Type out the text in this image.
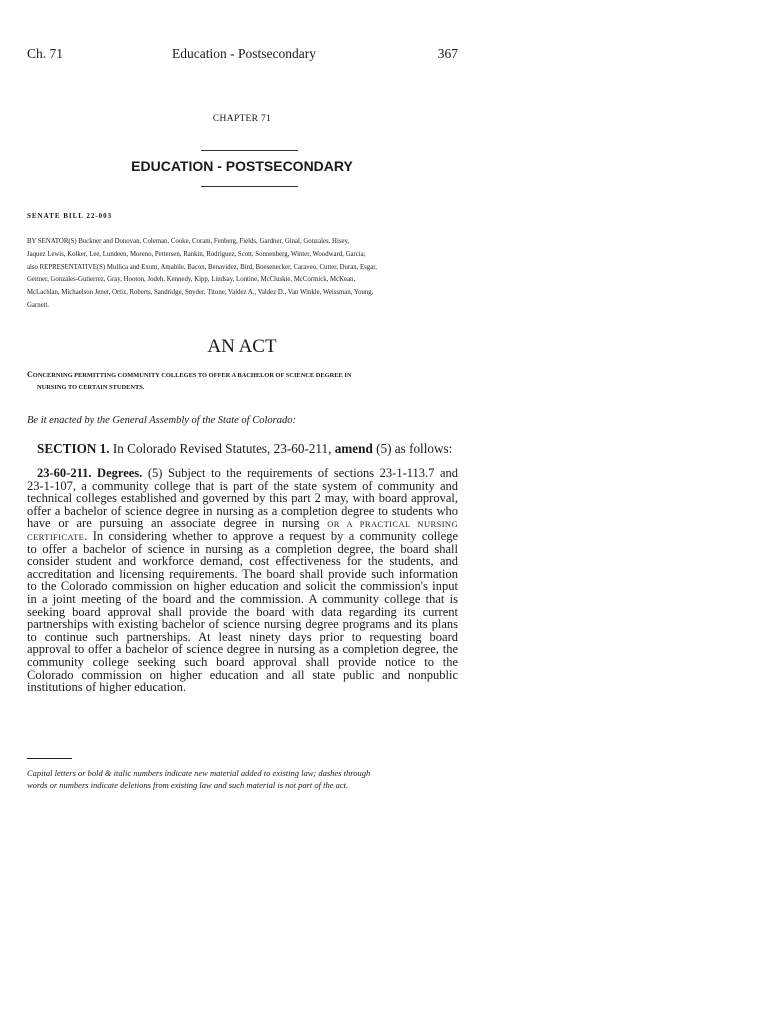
Ch. 71	Education - Postsecondary	367
CHAPTER 71
EDUCATION - POSTSECONDARY
SENATE BILL 22-003

BY SENATOR(S) Buckner and Donovan, Coleman, Cooke, Coram, Fenberg, Fields, Gardner, Ginal, Gonzales, Hisey,

Jaquez Lewis, Kolker, Lee, Lundeen, Moreno, Pettersen, Rankin, Rodriguez, Scott, Sonnenberg, Winter, Woodward, Garcia;

also REPRESENTATIVE(S) Mullica and Exum, Amabile, Bacon, Benavidez, Bird, Boesenecker, Caraveo, Cutter, Duran, Esgar,

Geitner, Gonzales-Gutierrez, Gray, Hooton, Jodeh, Kennedy, Kipp, Lindsay, Lontine, McCluskie, McCormick, McKean,

McLachlan, Michaelson Jenet, Ortiz, Roberts, Sandridge, Snyder, Titone, Valdez A., Valdez D., Van Winkle, Weissman, Young,

Garnett.

AN ACT

CONCERNING PERMITTING COMMUNITY COLLEGES TO OFFER A BACHELOR OF SCIENCE DEGREE IN

NURSING TO CERTAIN STUDENTS.

Be it enacted by the General Assembly of the State of Colorado:
SECTION 1. In Colorado Revised Statutes, 23-60-211, amend (5) as follows:
23-60-211. Degrees. (5) Subject to the requirements of sections 23-1-113.7 and
23-1-107, a community college that is part of the state system of community and
technical colleges established and governed by this part 2 may, with board approval,
offer a bachelor of science degree in nursing as a completion degree to students who
have or are pursuing an associate degree in nursing OR A PRACTICAL NURSING
CERTIFICATE. In considering whether to approve a request by a community college
to offer a bachelor of science in nursing as a completion degree, the board shall
consider student and workforce demand, cost effectiveness for the students, and
accreditation and licensing requirements. The board shall provide such information
to the Colorado commission on higher education and solicit the commission's input
in a joint meeting of the board and the commission. A community college that is
seeking board approval shall provide the board with data regarding its current
partnerships with existing bachelor of science nursing degree programs and its plans
to continue such partnerships. At least ninety days prior to requesting board
approval to offer a bachelor of science degree in nursing as a completion degree, the
community college seeking such board approval shall provide notice to the
Colorado commission on higher education and all state public and nonpublic
institutions of higher education.

Capital letters or bold & italic numbers indicate new material added to existing law; dashes through

words or numbers indicate deletions from existing law and such material is not part of the act.
